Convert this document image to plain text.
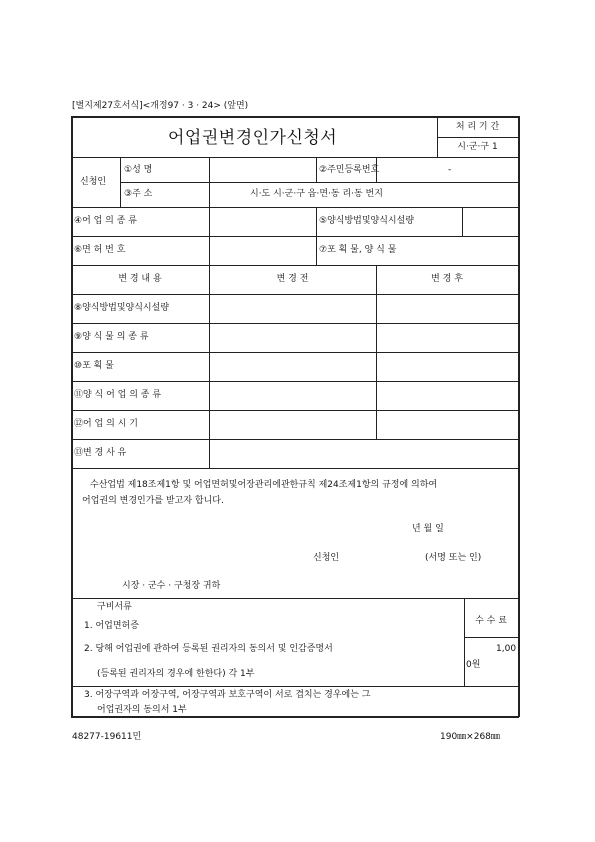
[별지제27호서식]<개정97 · 3 · 24> (앞면)
어업권변경인가신청서
처 리 기 간
시·군·구 1
신청인
①성 명	②주민등록번호	-
③주 소	시·도 시·군·구 읍·면·동 리·동 번지
④어 업 의 종 류	⑤양식방법및양식시설량
⑥면 허 번 호	⑦포 획 물, 양 식 물
변 경 내 용	변 경 전	변 경 후
⑧양식방법및양식시설량
⑨양 식 물 의 종 류
⑩포 획 물
⑪양 식 어 업 의 종 류
⑫어 업 의 시 기
⑬변 경 사 유
수산업법 제18조제1항 및 어업면허및어장관리에관한규칙 제24조제1항의 규정에 의하여
어업권의 변경인가를 받고자 합니다.
년 월 일
신청인	(서명 또는 인)
시장 · 군수 · 구청장 귀하
구비서류
1. 어업면허증
2. 당해 어업권에 관하여 등록된 권리자의 동의서 및 인감증명서
(등록된 권리자의 경우에 한한다) 각 1부
3. 어장구역과 어장구역, 어장구역과 보호구역이 서로 겹치는 경우에는 그
어업권자의 동의서 1부
수 수 료
1,00
0원
48277-19611민	190㎜×268㎜
